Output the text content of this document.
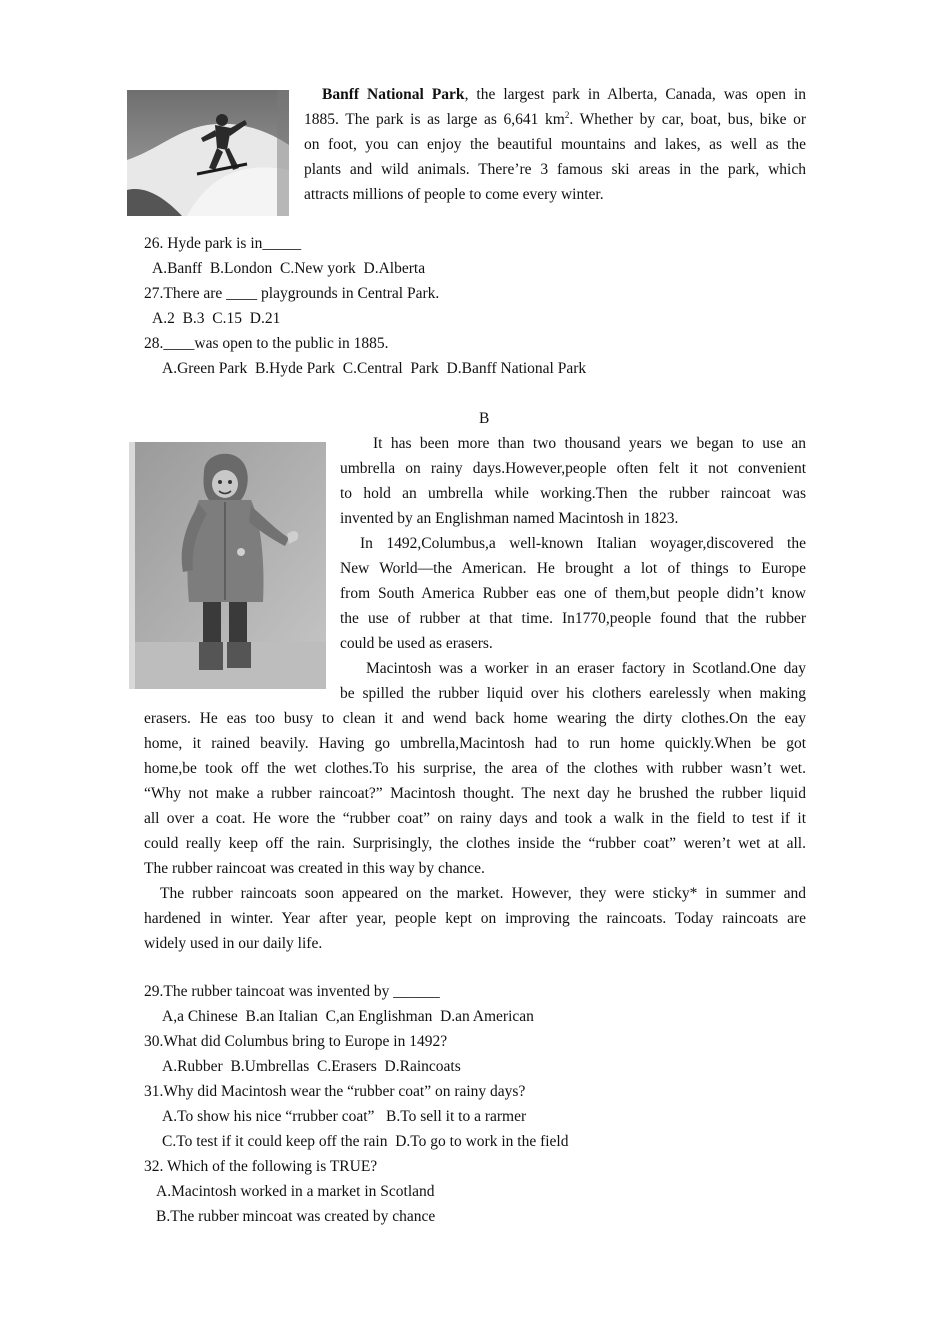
Banff National Park, the largest park in Alberta, Canada, was open in

1885. The park is as large as 6,641 $km^2$. Whether by car, boat, bus, bike or

on foot, you can enjoy the beautiful mountains and lakes, as well as the

plants and wild animals. There’re 3 famous ski areas in the park, which

attracts millions of people to come every winter.

26. Hyde park is in_____
A.Banff  B.London  C.New york  D.Alberta
27.There are ____ playgrounds in Central Park.
A.2  B.3  C.15  D.21
28.____was open to the public in 1885.
A.Green Park  B.Hyde Park  C.Central  Park  D.Banff National Park
B

It has been more than two thousand years we began to use an

umbrella on rainy days.However,people often felt it not convenient

to hold an umbrella while working.Then the rubber raincoat was

invented by an Englishman named Macintosh in 1823.

In 1492,Columbus,a well-known Italian woyager,discovered the

New World—the American. He brought a lot of things to Europe

from South America Rubber eas one of them,but people didn’t know

the use of rubber at that time. In1770,people found that the rubber

could be used as erasers.

Macintosh was a worker in an eraser factory in Scotland.One day

be spilled the rubber liquid over his clothers earelessly when making

erasers. He eas too busy to clean it and wend back home wearing the dirty clothes.On the eay

home, it rained beavily. Having go umbrella,Macintosh had to run home quickly.When be got

home,be took off the wet clothes.To his surprise, the area of the clothes with rubber wasn’t wet.

“Why not make a rubber raincoat?” Macintosh thought. The next day he brushed the rubber liquid

all over a coat. He wore the “rubber coat” on rainy days and took a walk in the field to test if it

could really keep off the rain. Surprisingly, the clothes inside the “rubber coat” weren’t wet at all.

The rubber raincoat was created in this way by chance.

The rubber raincoats soon appeared on the market. However, they were sticky* in summer and

hardened in winter. Year after year, people kept on improving the raincoats. Today raincoats are

widely used in our daily life.

29.The rubber taincoat was invented by ______
A,a Chinese  B.an Italian  C,an Englishman  D.an American
30.What did Columbus bring to Europe in 1492?
A.Rubber  B.Umbrellas  C.Erasers  D.Raincoats
31.Why did Macintosh wear the “rubber coat” on rainy days?
A.To show his nice “rrubber coat”   B.To sell it to a rarmer
C.To test if it could keep off the rain  D.To go to work in the field
32. Which of the following is TRUE?
A.Macintosh worked in a market in Scotland
B.The rubber mincoat was created by chance
